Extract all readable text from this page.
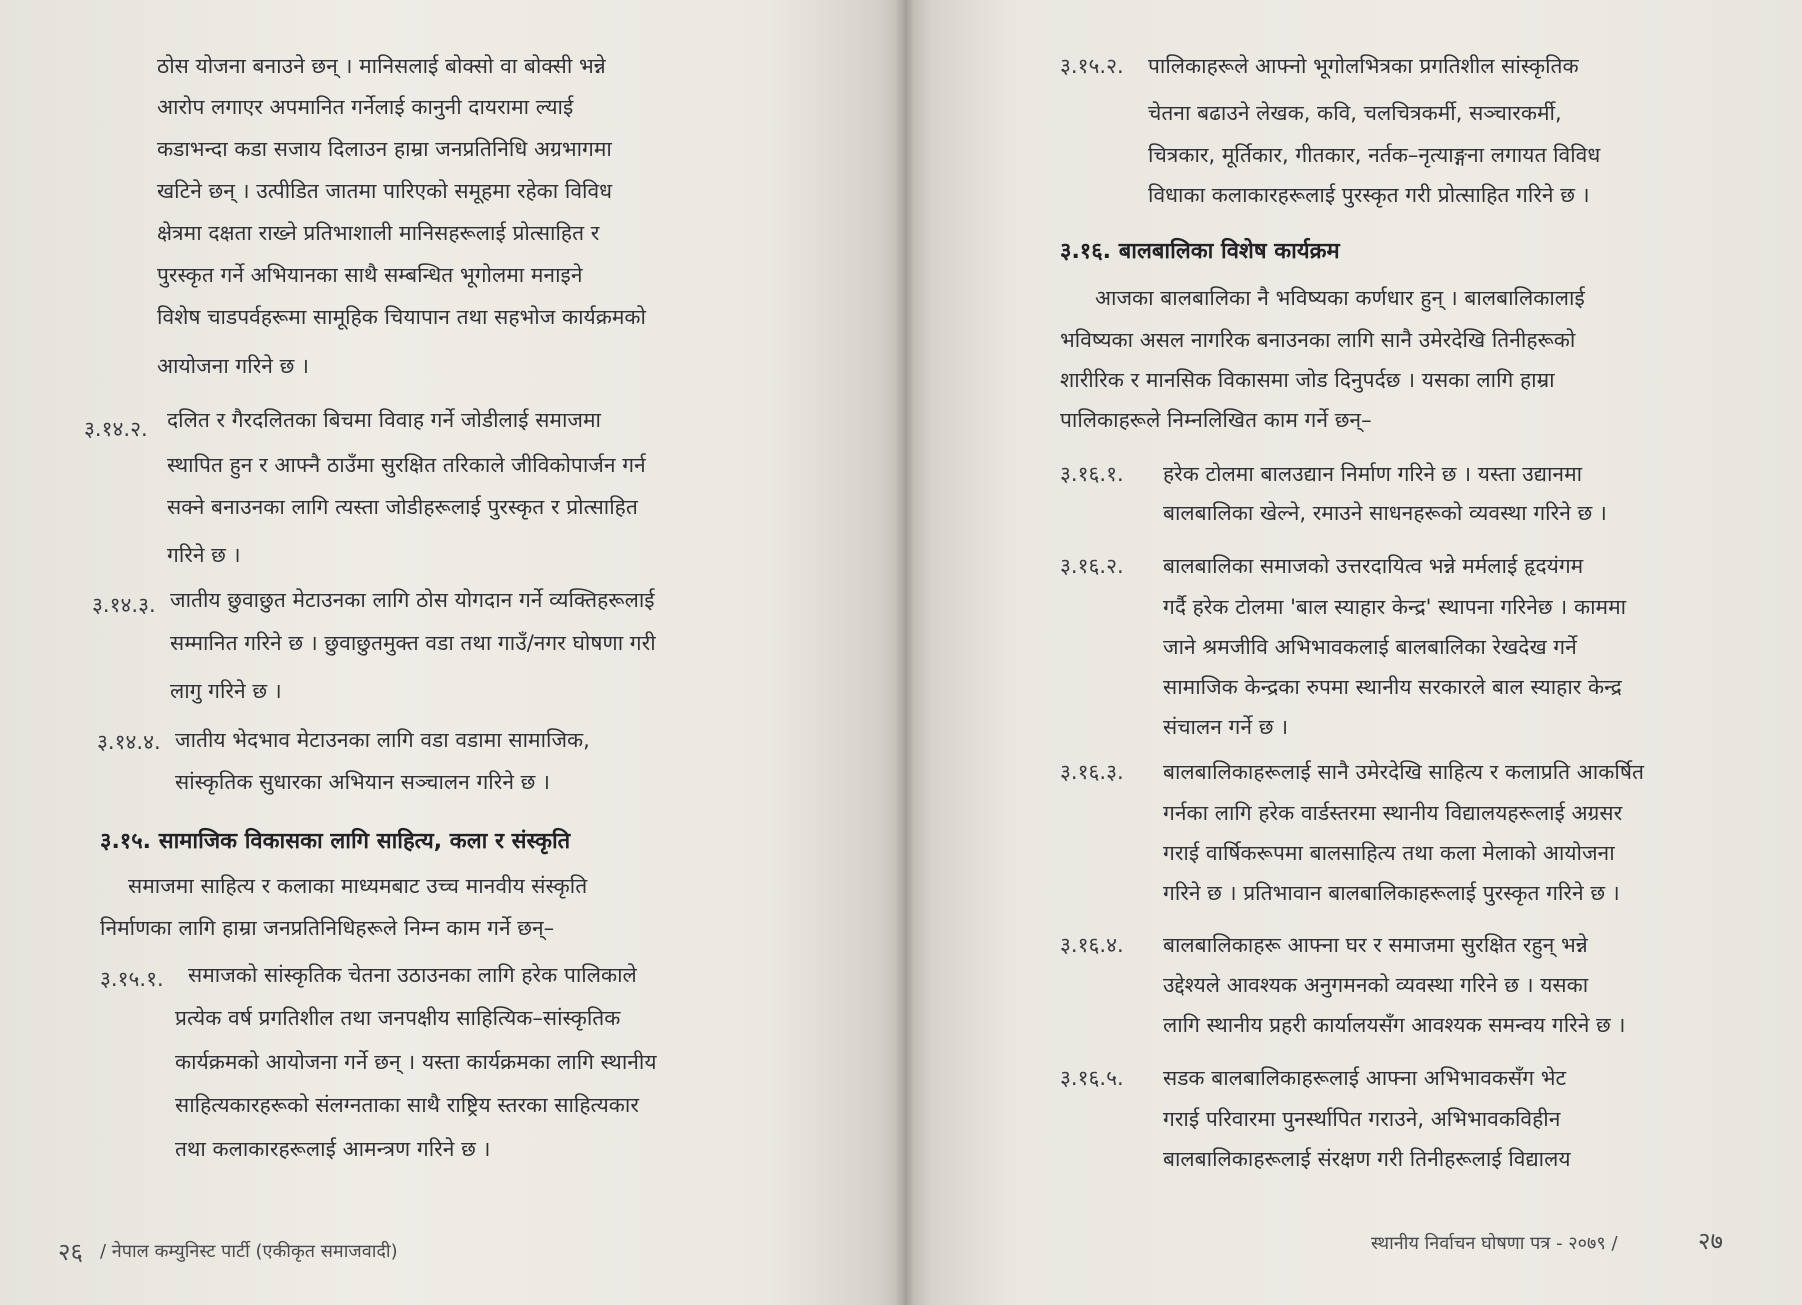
ठोस योजना बनाउने छन् । मानिसलाई बोक्सो वा बोक्सी भन्ने
आरोप लगाएर अपमानित गर्नेलाई कानुनी दायरामा ल्याई
कडाभन्दा कडा सजाय दिलाउन हाम्रा जनप्रतिनिधि अग्रभागमा
खटिने छन् । उत्पीडित जातमा पारिएको समूहमा रहेका विविध
क्षेत्रमा दक्षता राख्ने प्रतिभाशाली मानिसहरूलाई प्रोत्साहित र
पुरस्कृत गर्ने अभियानका साथै सम्बन्धित भूगोलमा मनाइने
विशेष चाडपर्वहरूमा सामूहिक चियापान तथा सहभोज कार्यक्रमको
आयोजना गरिने छ ।
३.१४.२. दलित र गैरदलितका बिचमा विवाह गर्ने जोडीलाई समाजमा
स्थापित हुन र आफ्नै ठाउँमा सुरक्षित तरिकाले जीविकोपार्जन गर्न
सक्ने बनाउनका लागि त्यस्ता जोडीहरूलाई पुरस्कृत र प्रोत्साहित
गरिने छ ।
३.१४.३. जातीय छुवाछुत मेटाउनका लागि ठोस योगदान गर्ने व्यक्तिहरूलाई
सम्मानित गरिने छ । छुवाछुतमुक्त वडा तथा गाउँ/नगर घोषणा गरी
लागु गरिने छ ।
३.१४.४. जातीय भेदभाव मेटाउनका लागि वडा वडामा सामाजिक,
सांस्कृतिक सुधारका अभियान सञ्चालन गरिने छ ।
३.१५. सामाजिक विकासका लागि साहित्य, कला र संस्कृति
समाजमा साहित्य र कलाका माध्यमबाट उच्च मानवीय संस्कृति
निर्माणका लागि हाम्रा जनप्रतिनिधिहरूले निम्न काम गर्ने छन्–
३.१५.१. समाजको सांस्कृतिक चेतना उठाउनका लागि हरेक पालिकाले
प्रत्येक वर्ष प्रगतिशील तथा जनपक्षीय साहित्यिक–सांस्कृतिक
कार्यक्रमको आयोजना गर्ने छन् । यस्ता कार्यक्रमका लागि स्थानीय
साहित्यकारहरूको संलग्नताका साथै राष्ट्रिय स्तरका साहित्यकार
तथा कलाकारहरूलाई आमन्त्रण गरिने छ ।
२६ / नेपाल कम्युनिस्ट पार्टी (एकीकृत समाजवादी)
३.१५.२. पालिकाहरूले आफ्नो भूगोलभित्रका प्रगतिशील सांस्कृतिक
चेतना बढाउने लेखक, कवि, चलचित्रकर्मी, सञ्चारकर्मी,
चित्रकार, मूर्तिकार, गीतकार, नर्तक–नृत्याङ्गना लगायत विविध
विधाका कलाकारहरूलाई पुरस्कृत गरी प्रोत्साहित गरिने छ ।
३.१६. बालबालिका विशेष कार्यक्रम
आजका बालबालिका नै भविष्यका कर्णधार हुन् । बालबालिकालाई
भविष्यका असल नागरिक बनाउनका लागि सानै उमेरदेखि तिनीहरूको
शारीरिक र मानसिक विकासमा जोड दिनुपर्दछ । यसका लागि हाम्रा
पालिकाहरूले निम्नलिखित काम गर्ने छन्–
३.१६.१. हरेक टोलमा बालउद्यान निर्माण गरिने छ । यस्ता उद्यानमा
बालबालिका खेल्ने, रमाउने साधनहरूको व्यवस्था गरिने छ ।
३.१६.२. बालबालिका समाजको उत्तरदायित्व भन्ने मर्मलाई हृदयंगम
गर्दै हरेक टोलमा 'बाल स्याहार केन्द्र' स्थापना गरिनेछ । काममा
जाने श्रमजीवि अभिभावकलाई बालबालिका रेखदेख गर्ने
सामाजिक केन्द्रका रुपमा स्थानीय सरकारले बाल स्याहार केन्द्र
संचालन गर्ने छ ।
३.१६.३. बालबालिकाहरूलाई सानै उमेरदेखि साहित्य र कलाप्रति आकर्षित
गर्नका लागि हरेक वार्डस्तरमा स्थानीय विद्यालयहरूलाई अग्रसर
गराई वार्षिकरूपमा बालसाहित्य तथा कला मेलाको आयोजना
गरिने छ । प्रतिभावान बालबालिकाहरूलाई पुरस्कृत गरिने छ ।
३.१६.४. बालबालिकाहरू आफ्ना घर र समाजमा सुरक्षित रहुन् भन्ने
उद्देश्यले आवश्यक अनुगमनको व्यवस्था गरिने छ । यसका
लागि स्थानीय प्रहरी कार्यालयसँग आवश्यक समन्वय गरिने छ ।
३.१६.५. सडक बालबालिकाहरूलाई आफ्ना अभिभावकसँग भेट
गराई परिवारमा पुनर्स्थापित गराउने, अभिभावकविहीन
बालबालिकाहरूलाई संरक्षण गरी तिनीहरूलाई विद्यालय
स्थानीय निर्वाचन घोषणा पत्र - २०७९ /	२७
